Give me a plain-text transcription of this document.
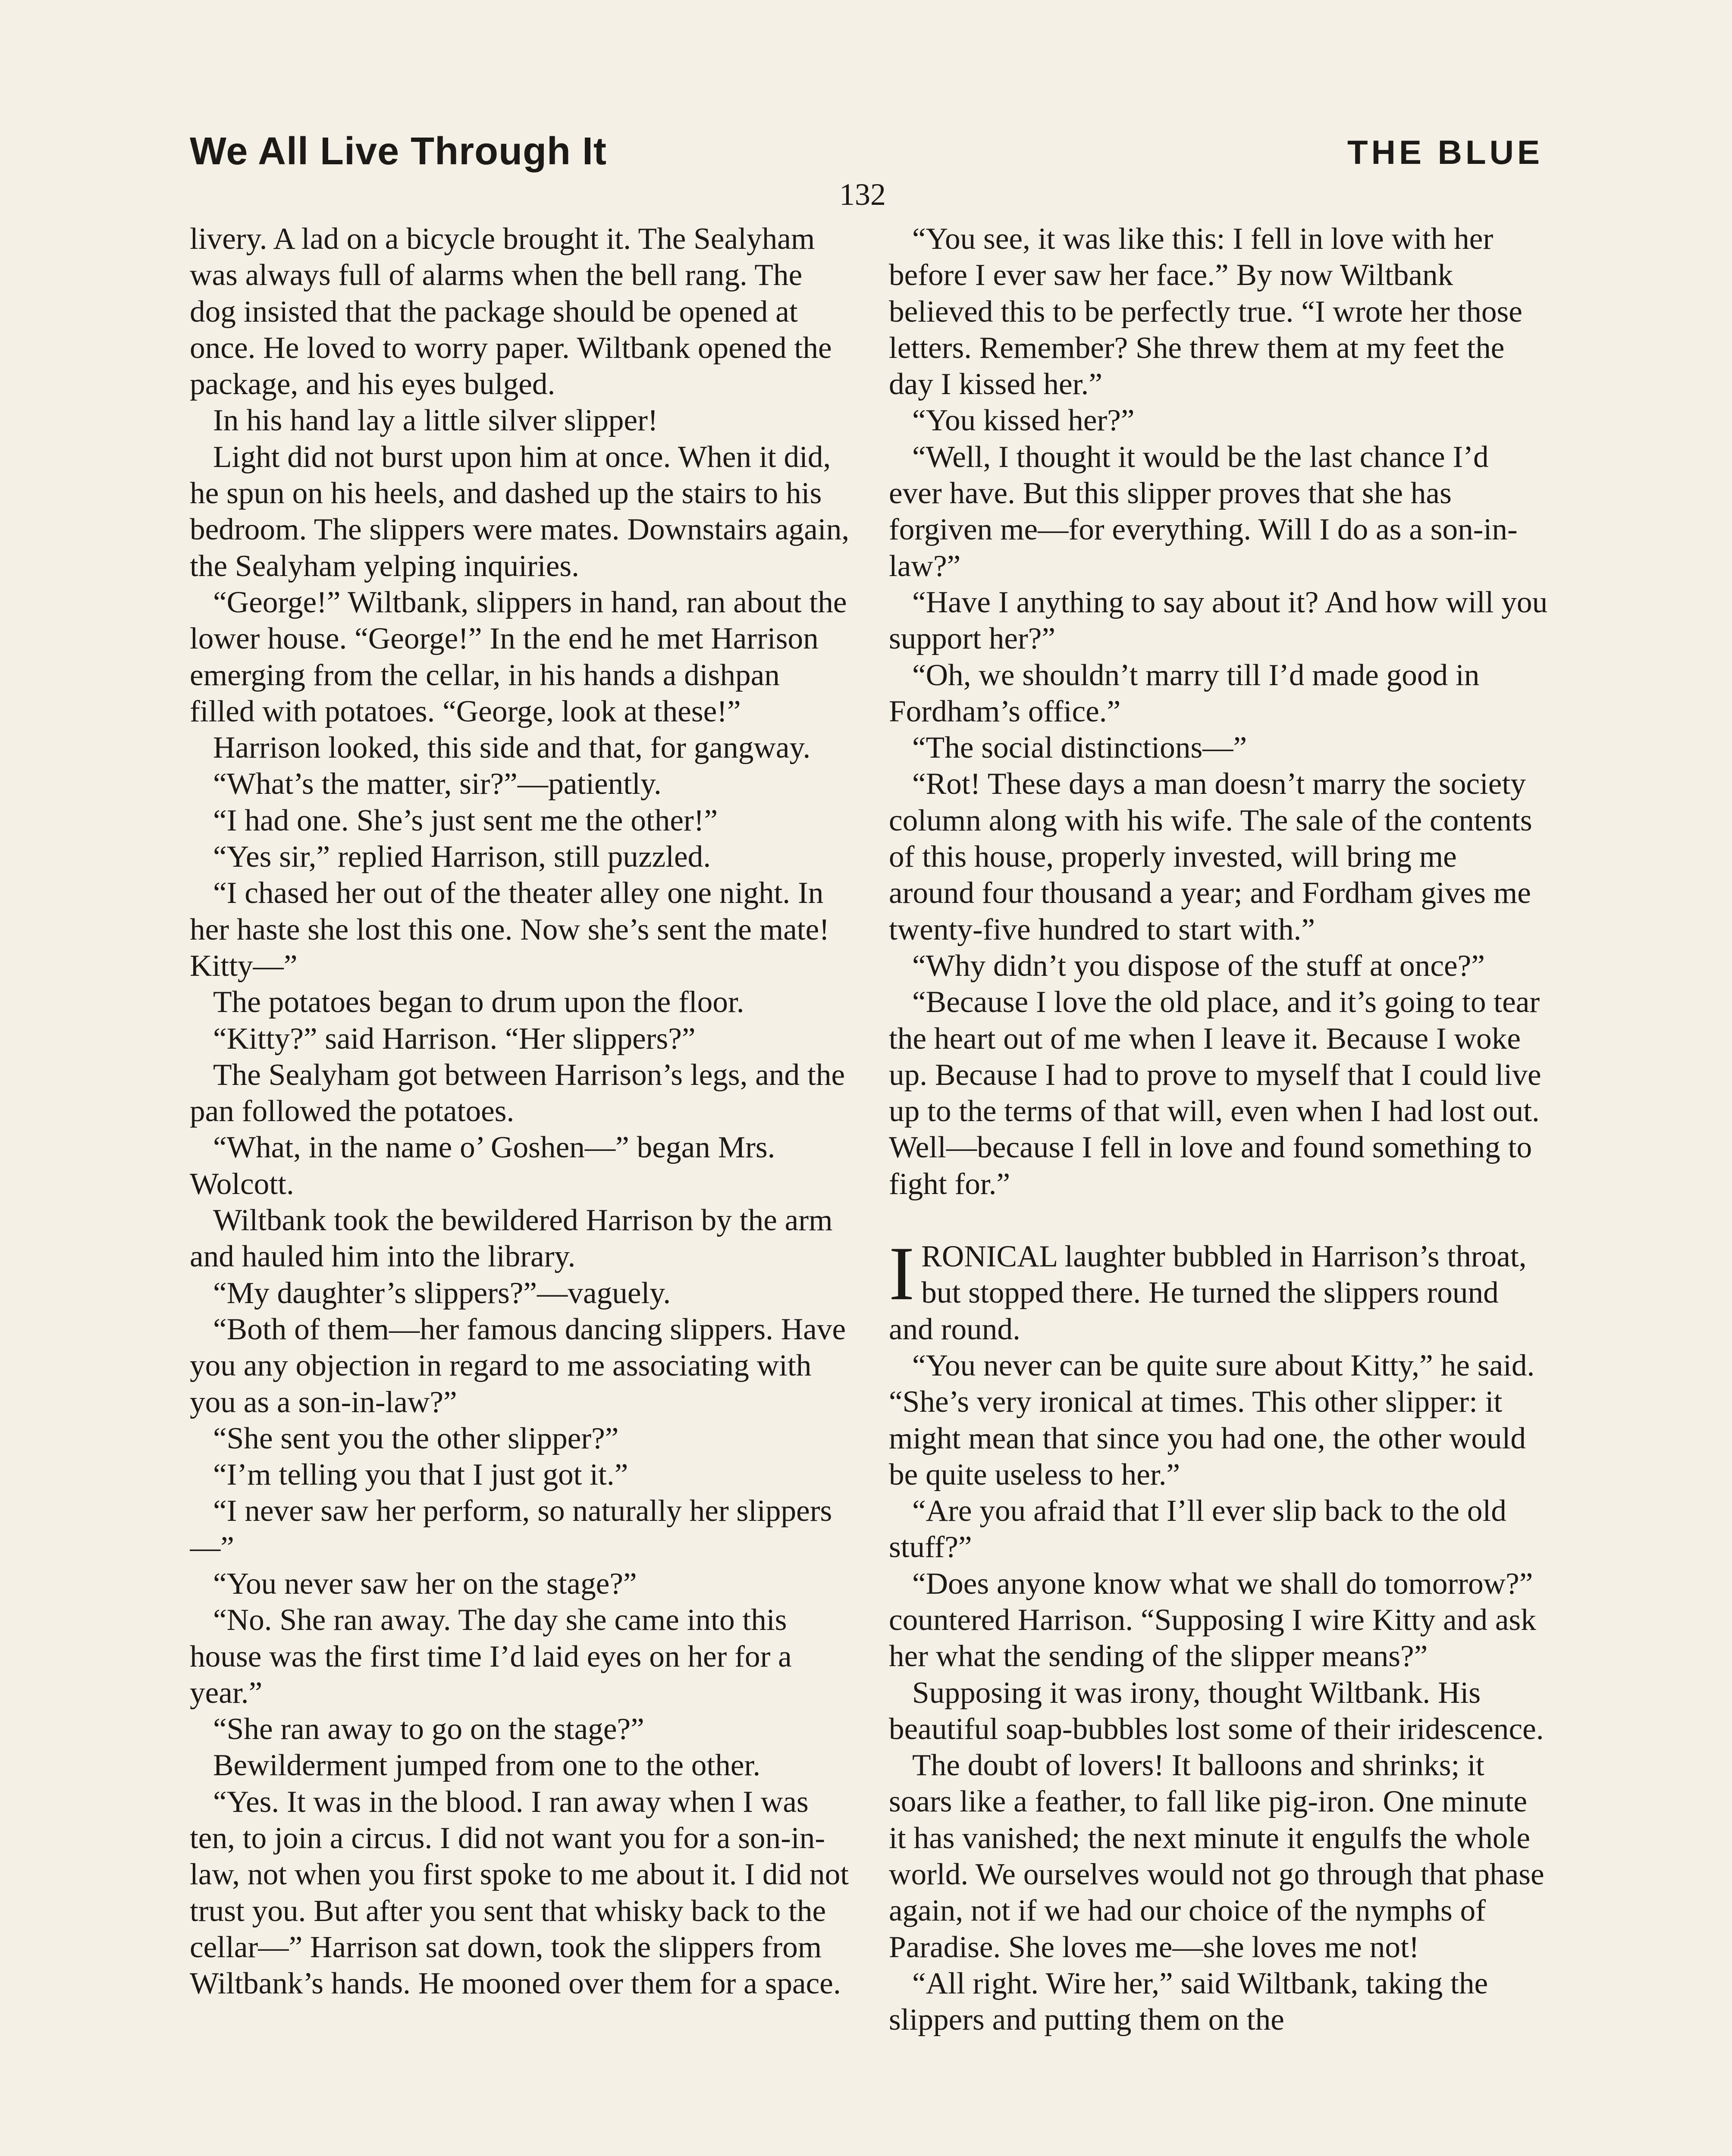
We All Live Through It	THE BLUE
132

livery. A lad on a bicycle brought it. The Sealyham was always full of alarms when the bell rang. The dog insisted that the package should be opened at once. He loved to worry paper. Wiltbank opened the package, and his eyes bulged.

In his hand lay a little silver slipper!

Light did not burst upon him at once. When it did, he spun on his heels, and dashed up the stairs to his bedroom. The slippers were mates. Downstairs again, the Sealyham yelping inquiries.

“George!” Wiltbank, slippers in hand, ran about the lower house. “George!” In the end he met Harrison emerging from the cellar, in his hands a dishpan filled with potatoes. “George, look at these!”

Harrison looked, this side and that, for gangway.

“What’s the matter, sir?”—patiently.

“I had one. She’s just sent me the other!”

“Yes sir,” replied Harrison, still puzzled.

“I chased her out of the theater alley one night. In her haste she lost this one. Now she’s sent the mate! Kitty—”

The potatoes began to drum upon the floor.

“Kitty?” said Harrison. “Her slippers?”

The Sealyham got between Harrison’s legs, and the pan followed the potatoes.

“What, in the name o’ Goshen—” began Mrs. Wolcott.

Wiltbank took the bewildered Harrison by the arm and hauled him into the library.

“My daughter’s slippers?”—vaguely.

“Both of them—her famous dancing slippers. Have you any objection in regard to me associating with you as a son-in-law?”

“She sent you the other slipper?”

“I’m telling you that I just got it.”

“I never saw her perform, so naturally her slippers—”

“You never saw her on the stage?”

“No. She ran away. The day she came into this house was the first time I’d laid eyes on her for a year.”

“She ran away to go on the stage?”

Bewilderment jumped from one to the other.

“Yes. It was in the blood. I ran away when I was ten, to join a circus. I did not want you for a son-in-law, not when you first spoke to me about it. I did not trust you. But after you sent that whisky back to the cellar—” Harrison sat down, took the slippers from Wiltbank’s hands. He mooned over them for a space.

“You see, it was like this: I fell in love with her before I ever saw her face.” By now Wiltbank believed this to be perfectly true. “I wrote her those letters. Remember? She threw them at my feet the day I kissed her.”

“You kissed her?”

“Well, I thought it would be the last chance I’d ever have. But this slipper proves that she has forgiven me—for everything. Will I do as a son-in-law?”

“Have I anything to say about it? And how will you support her?”

“Oh, we shouldn’t marry till I’d made good in Fordham’s office.”

“The social distinctions—”

“Rot! These days a man doesn’t marry the society column along with his wife. The sale of the contents of this house, properly invested, will bring me around four thousand a year; and Fordham gives me twenty-five hundred to start with.”

“Why didn’t you dispose of the stuff at once?”

“Because I love the old place, and it’s going to tear the heart out of me when I leave it. Because I woke up. Because I had to prove to myself that I could live up to the terms of that will, even when I had lost out. Well—because I fell in love and found something to fight for.”

IRONICAL laughter bubbled in Harrison’s throat, but stopped there. He turned the slippers round and round.

“You never can be quite sure about Kitty,” he said. “She’s very ironical at times. This other slipper: it might mean that since you had one, the other would be quite useless to her.”

“Are you afraid that I’ll ever slip back to the old stuff?”

“Does anyone know what we shall do tomorrow?” countered Harrison. “Supposing I wire Kitty and ask her what the sending of the slipper means?”

Supposing it was irony, thought Wiltbank. His beautiful soap-bubbles lost some of their iridescence.

The doubt of lovers! It balloons and shrinks; it soars like a feather, to fall like pig-iron. One minute it has vanished; the next minute it engulfs the whole world. We ourselves would not go through that phase again, not if we had our choice of the nymphs of Paradise. She loves me—she loves me not!

“All right. Wire her,” said Wiltbank, taking the slippers and putting them on the
